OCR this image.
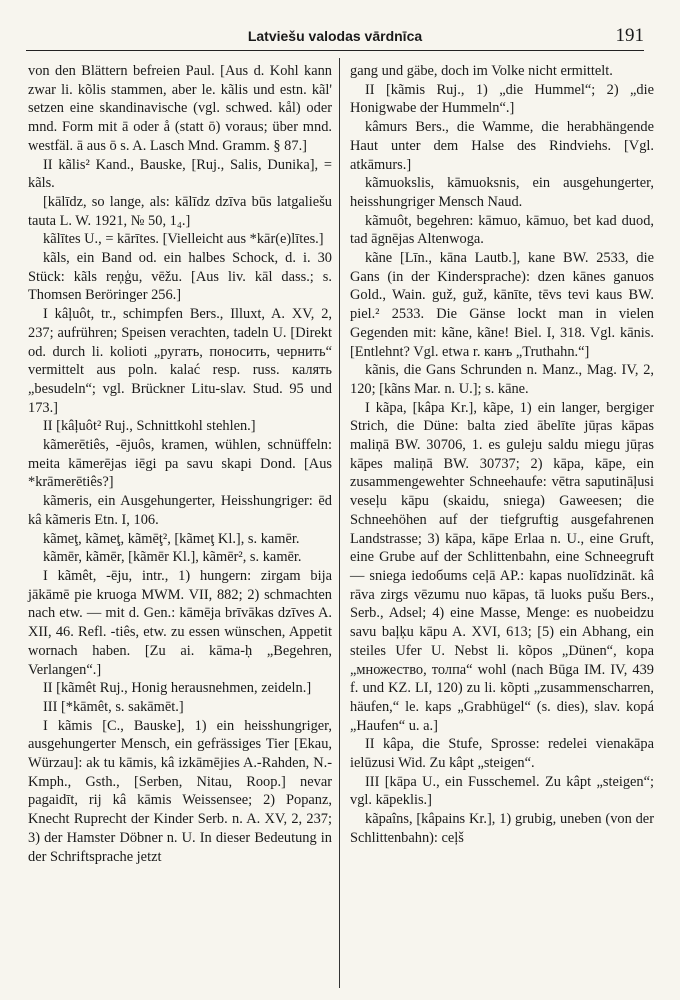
Latviešu valodas vārdnīca	191

von den Blättern befreien Paul. [Aus d. Kohl kann zwar li. kõlis stammen, aber le. kãlis und estn. kãl' setzen eine skandinavische (vgl. schwed. kål) oder mnd. Form mit ā oder å (statt ō) voraus; über mnd. westfäl. ā aus ō s. A. Lasch Mnd. Gramm. § 87.]

II kãlis² Kand., Bauske, [Ruj., Salis, Dunika], = kãls.

[kālīdz, so lange, als: kālīdz dzīva būs latgaliešu tauta L. W. 1921, № 50, 1₄.]

kãlītes U., = kārītes. [Vielleicht aus *kār(e)lītes.]

kãls, ein Band od. ein halbes Schock, d. i. 30 Stück: kãls reņģu, vēžu. [Aus liv. kāl dass.; s. Thomsen Beröringer 256.]

I kâļuôt, tr., schimpfen Bers., Illuxt, A. XV, 2, 237; aufrühren; Speisen verachten, tadeln U. [Direkt od. durch li. kolioti „ругать, поносить, чернить“ vermittelt aus poln. kalać resp. russ. калять „besudeln“; vgl. Brückner Litu-slav. Stud. 95 und 173.]

II [kâļuôt² Ruj., Schnittkohl stehlen.]

kãmerētiês, -ējuôs, kramen, wühlen, schnüffeln: meita kāmerējas iēgi pa savu skapi Dond. [Aus *krāmerētiês?]

kãmeris, ein Ausgehungerter, Heisshungriger: ēd kâ kãmeris Etn. I, 106.

kãmeţ, kãmeţ, kãmēţ², [kãmeţ Kl.], s. kamēr.

kãmēr, kãmēr, [kãmēr Kl.], kãmēr², s. kamēr.

I kãmêt, -ēju, intr., 1) hungern: zirgam bija jākāmē pie kruoga MWM. VII, 882; 2) schmachten nach etw. — mit d. Gen.: kāmēja brīvākas dzīves A. XII, 46. Refl. -tiês, etw. zu essen wünschen, Appetit wornach haben. [Zu ai. kāma-ḥ „Begehren, Verlangen“.]

II [kãmêt Ruj., Honig herausnehmen, zeideln.]

III [*kāmêt, s. sakāmēt.]

I kãmis [C., Bauske], 1) ein heisshungriger, ausgehungerter Mensch, ein gefrässiges Tier [Ekau, Würzau]: ak tu kāmis, kâ izkāmējies A.-Rahden, N.-Kmph., Gsth., [Serben, Nitau, Roop.] nevar pagaidīt, rij kâ kāmis Weissensee; 2) Popanz, Knecht Ruprecht der Kinder Serb. n. A. XV, 2, 237; 3) der Hamster Döbner n. U. In dieser Bedeutung in der Schriftsprache jetzt

gang und gäbe, doch im Volke nicht ermittelt.

II [kãmis Ruj., 1) „die Hummel“; 2) „die Honigwabe der Hummeln“.]

kâmurs Bers., die Wamme, die herabhängende Haut unter dem Halse des Rindviehs. [Vgl. atkāmurs.]

kãmuokslis, kāmuoksnis, ein ausgehungerter, heisshungriger Mensch Naud.

kãmuôt, begehren: kāmuo, kāmuo, bet kad duod, tad āgnējas Altenwoga.

kãne [Līn., kāna Lautb.], kane BW. 2533, die Gans (in der Kindersprache): dzen kānes ganuos Gold., Wain. guž, guž, kānīte, tēvs tevi kaus BW. piel.² 2533. Die Gänse lockt man in vielen Gegenden mit: kãne, kãne! Biel. I, 318. Vgl. kānis. [Entlehnt? Vgl. etwa r. канъ „Truthahn.“]

kãnis, die Gans Schrunden n. Manz., Mag. IV, 2, 120; [kãns Mar. n. U.]; s. kāne.

I kãpa, [kâpa Kr.], kãpe, 1) ein langer, bergiger Strich, die Düne: balta zied ābelīte jūŗas kāpas maliņā BW. 30706, 1. es guleju saldu miegu jūŗas kāpes maliņā BW. 30737; 2) kāpa, kāpe, ein zusammengewehter Schneehaufe: vētra saputināļusi veseļu kāpu (skaidu, sniega) Gaweesen; die Schneehöhen auf der tiefgruftig ausgefahrenen Landstrasse; 3) kāpa, kāpe Erlaa n. U., eine Gruft, eine Grube auf der Schlittenbahn, eine Schneegruft — sniega iedoбums ceļā AP.: kapas nuolīdzināt. kâ rāva zirgs vēzumu nuo kāpas, tā luoks pušu Bers., Serb., Adsel; 4) eine Masse, Menge: es nuobeidzu savu baļķu kāpu A. XVI, 613; [5) ein Abhang, ein steiles Ufer U. Nebst li. kõpos „Dünen“, kopa „множество, толпа“ wohl (nach Būga IM. IV, 439 f. und KZ. LI, 120) zu li. kõpti „zusammenscharren, häufen,“ le. kaps „Grabhügel“ (s. dies), slav. kopá „Haufen“ u. a.]

II kâpa, die Stufe, Sprosse: redelei vienakāpa ielūzusi Wid. Zu kâpt „steigen“.

III [kāpa U., ein Fusschemel. Zu kâpt „steigen“; vgl. kāpeklis.]

kãpaîns, [kâpains Kr.], 1) grubig, uneben (von der Schlittenbahn): ceļš
